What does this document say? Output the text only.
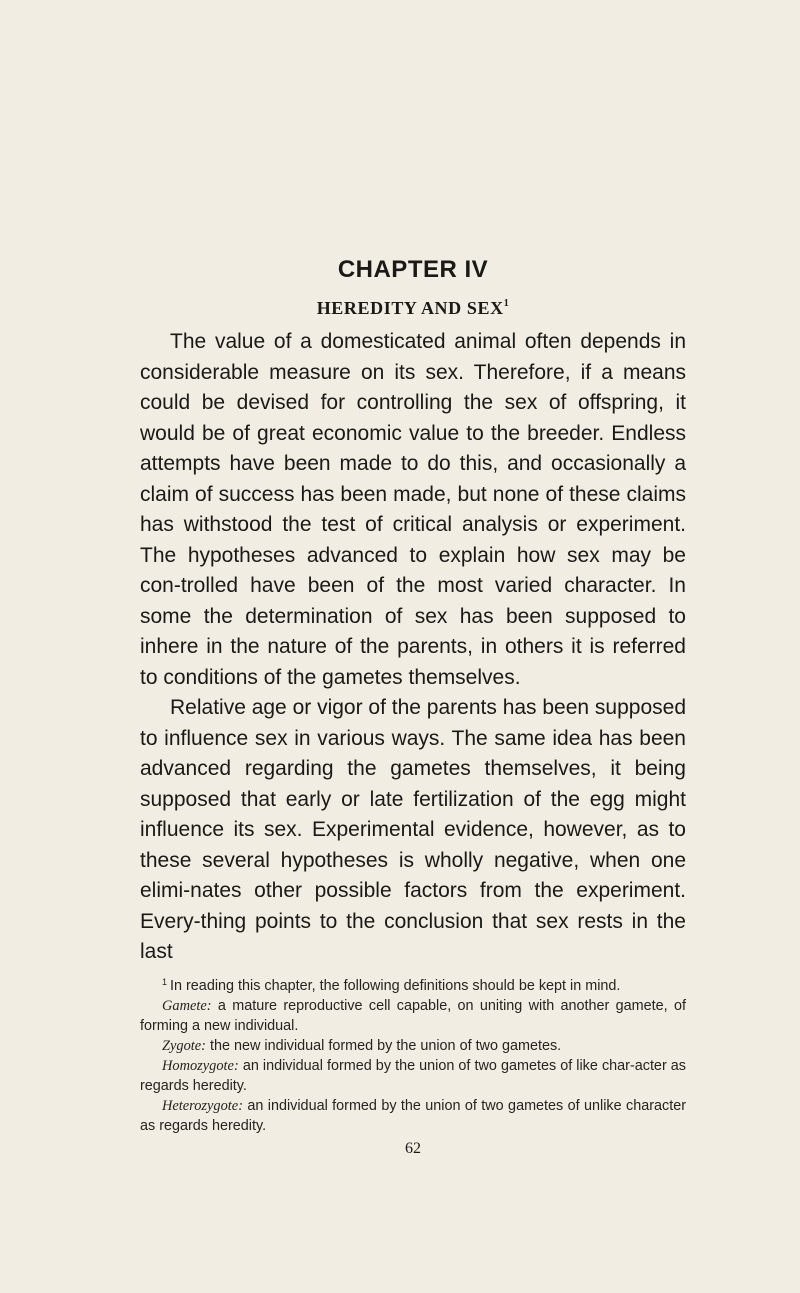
CHAPTER IV
HEREDITY AND SEX$^1$

The value of a domesticated animal often depends in considerable measure on its sex. Therefore, if a means could be devised for controlling the sex of offspring, it would be of great economic value to the breeder. Endless attempts have been made to do this, and occasionally a claim of success has been made, but none of these claims has withstood the test of critical analysis or experiment. The hypotheses advanced to explain how sex may be con-trolled have been of the most varied character. In some the determination of sex has been supposed to inhere in the nature of the parents, in others it is referred to conditions of the gametes themselves.

Relative age or vigor of the parents has been supposed to influence sex in various ways. The same idea has been advanced regarding the gametes themselves, it being supposed that early or late fertilization of the egg might influence its sex. Experimental evidence, however, as to these several hypotheses is wholly negative, when one elimi-nates other possible factors from the experiment. Every-thing points to the conclusion that sex rests in the last

$^1$ In reading this chapter, the following definitions should be kept in mind.

Gamete: a mature reproductive cell capable, on uniting with another gamete, of forming a new individual.

Zygote: the new individual formed by the union of two gametes.

Homozygote: an individual formed by the union of two gametes of like char-acter as regards heredity.

Heterozygote: an individual formed by the union of two gametes of unlike character as regards heredity.

62
